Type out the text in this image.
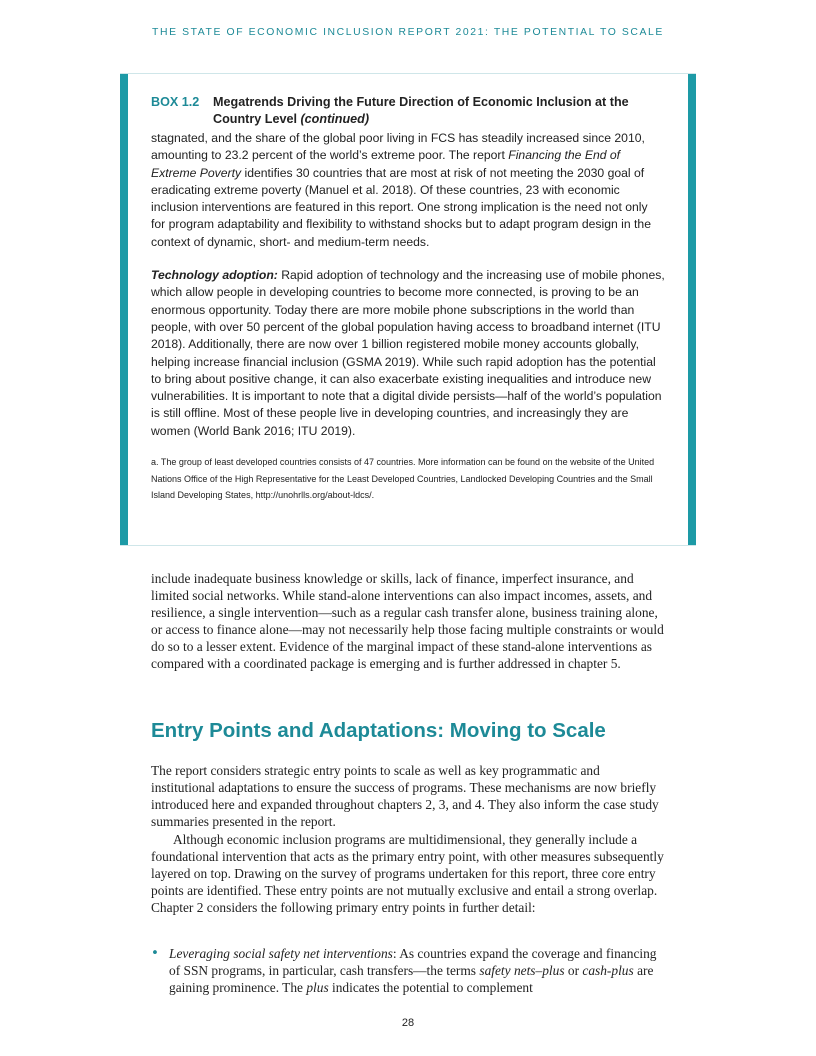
THE STATE OF ECONOMIC INCLUSION REPORT 2021: THE POTENTIAL TO SCALE
BOX 1.2	Megatrends Driving the Future Direction of Economic Inclusion at the Country Level (continued)

stagnated, and the share of the global poor living in FCS has steadily increased since 2010, amounting to 23.2 percent of the world’s extreme poor. The report Financing the End of Extreme Poverty identifies 30 countries that are most at risk of not meeting the 2030 goal of eradicating extreme poverty (Manuel et al. 2018). Of these countries, 23 with economic inclusion interventions are featured in this report. One strong implication is the need not only for program adaptability and flexibility to withstand shocks but to adapt program design in the context of dynamic, short- and medium-term needs.

Technology adoption: Rapid adoption of technology and the increasing use of mobile phones, which allow people in developing countries to become more connected, is proving to be an enormous opportunity. Today there are more mobile phone subscriptions in the world than people, with over 50 percent of the global population having access to broadband internet (ITU 2018). Additionally, there are now over 1 billion registered mobile money accounts globally, helping increase financial inclusion (GSMA 2019). While such rapid adoption has the potential to bring about positive change, it can also exacerbate existing inequalities and introduce new vulnerabilities. It is important to note that a digital divide persists—half of the world’s population is still offline. Most of these people live in developing countries, and increasingly they are women (World Bank 2016; ITU 2019).

a. The group of least developed countries consists of 47 countries. More information can be found on the website of the United Nations Office of the High Representative for the Least Developed Countries, Landlocked Developing Countries and the Small Island Developing States, http://unohrlls.org/about-ldcs/.

include inadequate business knowledge or skills, lack of finance, imperfect insurance, and limited social networks. While stand-alone interventions can also impact incomes, assets, and resilience, a single intervention—such as a regular cash transfer alone, business training alone, or access to finance alone—may not necessarily help those facing multiple constraints or would do so to a lesser extent. Evidence of the marginal impact of these stand-alone interventions as compared with a coordinated package is emerging and is further addressed in chapter 5.

Entry Points and Adaptations: Moving to Scale

The report considers strategic entry points to scale as well as key programmatic and institutional adaptations to ensure the success of programs. These mechanisms are now briefly introduced here and expanded throughout chapters 2, 3, and 4. They also inform the case study summaries presented in the report.

Although economic inclusion programs are multidimensional, they generally include a foundational intervention that acts as the primary entry point, with other measures subsequently layered on top. Drawing on the survey of programs undertaken for this report, three core entry points are identified. These entry points are not mutually exclusive and entail a strong overlap. Chapter 2 considers the following primary entry points in further detail:

• Leveraging social safety net interventions: As countries expand the coverage and financing of SSN programs, in particular, cash transfers—the terms safety nets–plus or cash-plus are gaining prominence. The plus indicates the potential to complement

28
